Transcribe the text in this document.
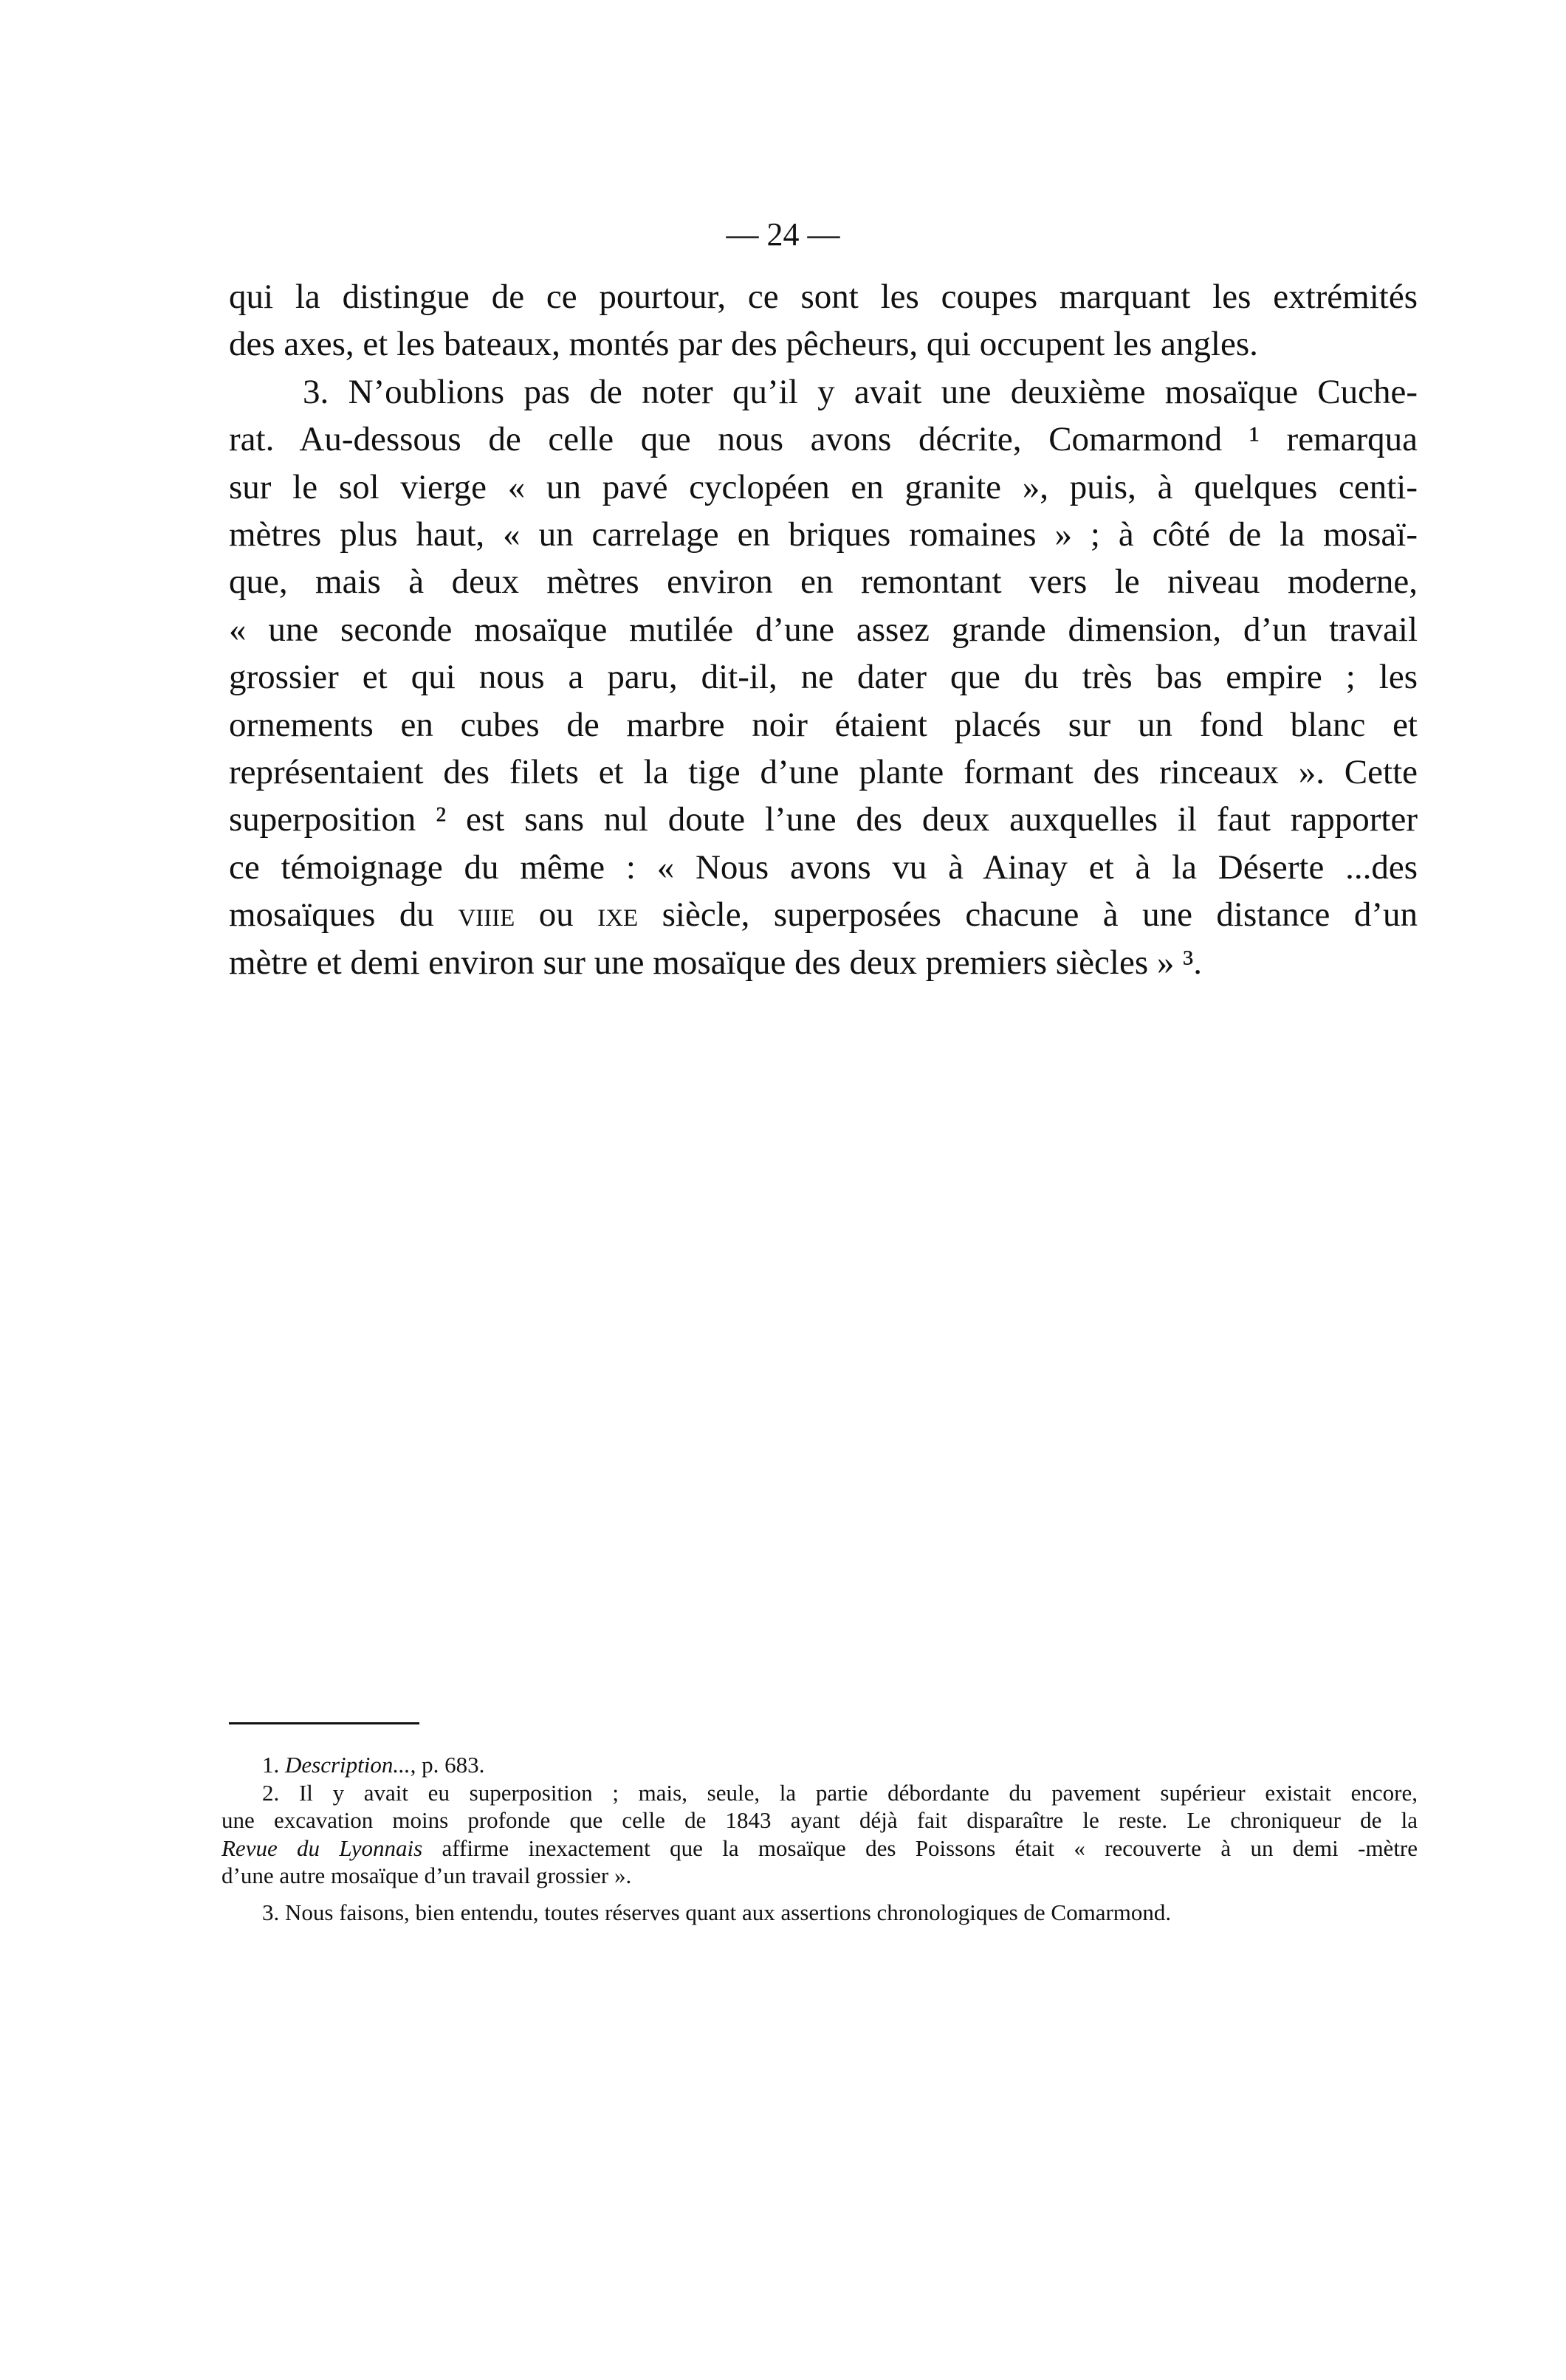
— 24 —
qui la distingue de ce pourtour, ce sont les coupes marquant les extrémités
des axes, et les bateaux, montés par des pêcheurs, qui occupent les angles.
3. N’oublions pas de noter qu’il y avait une deuxième mosaïque Cuche-
rat. Au-dessous de celle que nous avons décrite, Comarmond ¹ remarqua
sur le sol vierge « un pavé cyclopéen en granite », puis, à quelques centi-
mètres plus haut, « un carrelage en briques romaines » ; à côté de la mosaï-
que, mais à deux mètres environ en remontant vers le niveau moderne,
« une seconde mosaïque mutilée d’une assez grande dimension, d’un travail
grossier et qui nous a paru, dit-il, ne dater que du très bas empire ; les
ornements en cubes de marbre noir étaient placés sur un fond blanc et
représentaient des filets et la tige d’une plante formant des rinceaux ». Cette
superposition ² est sans nul doute l’une des deux auxquelles il faut rapporter
ce témoignage du même : « Nous avons vu à Ainay et à la Déserte ...des
mosaïques du viiie ou ixe siècle, superposées chacune à une distance d’un
mètre et demi environ sur une mosaïque des deux premiers siècles » ³.
1. Description..., p. 683.
2. Il y avait eu superposition ; mais, seule, la partie débordante du pavement supérieur existait encore,
une excavation moins profonde que celle de 1843 ayant déjà fait disparaître le reste. Le chroniqueur de la
Revue du Lyonnais affirme inexactement que la mosaïque des Poissons était « recouverte à un demi -mètre
d’une autre mosaïque d’un travail grossier ».
3. Nous faisons, bien entendu, toutes réserves quant aux assertions chronologiques de Comarmond.
